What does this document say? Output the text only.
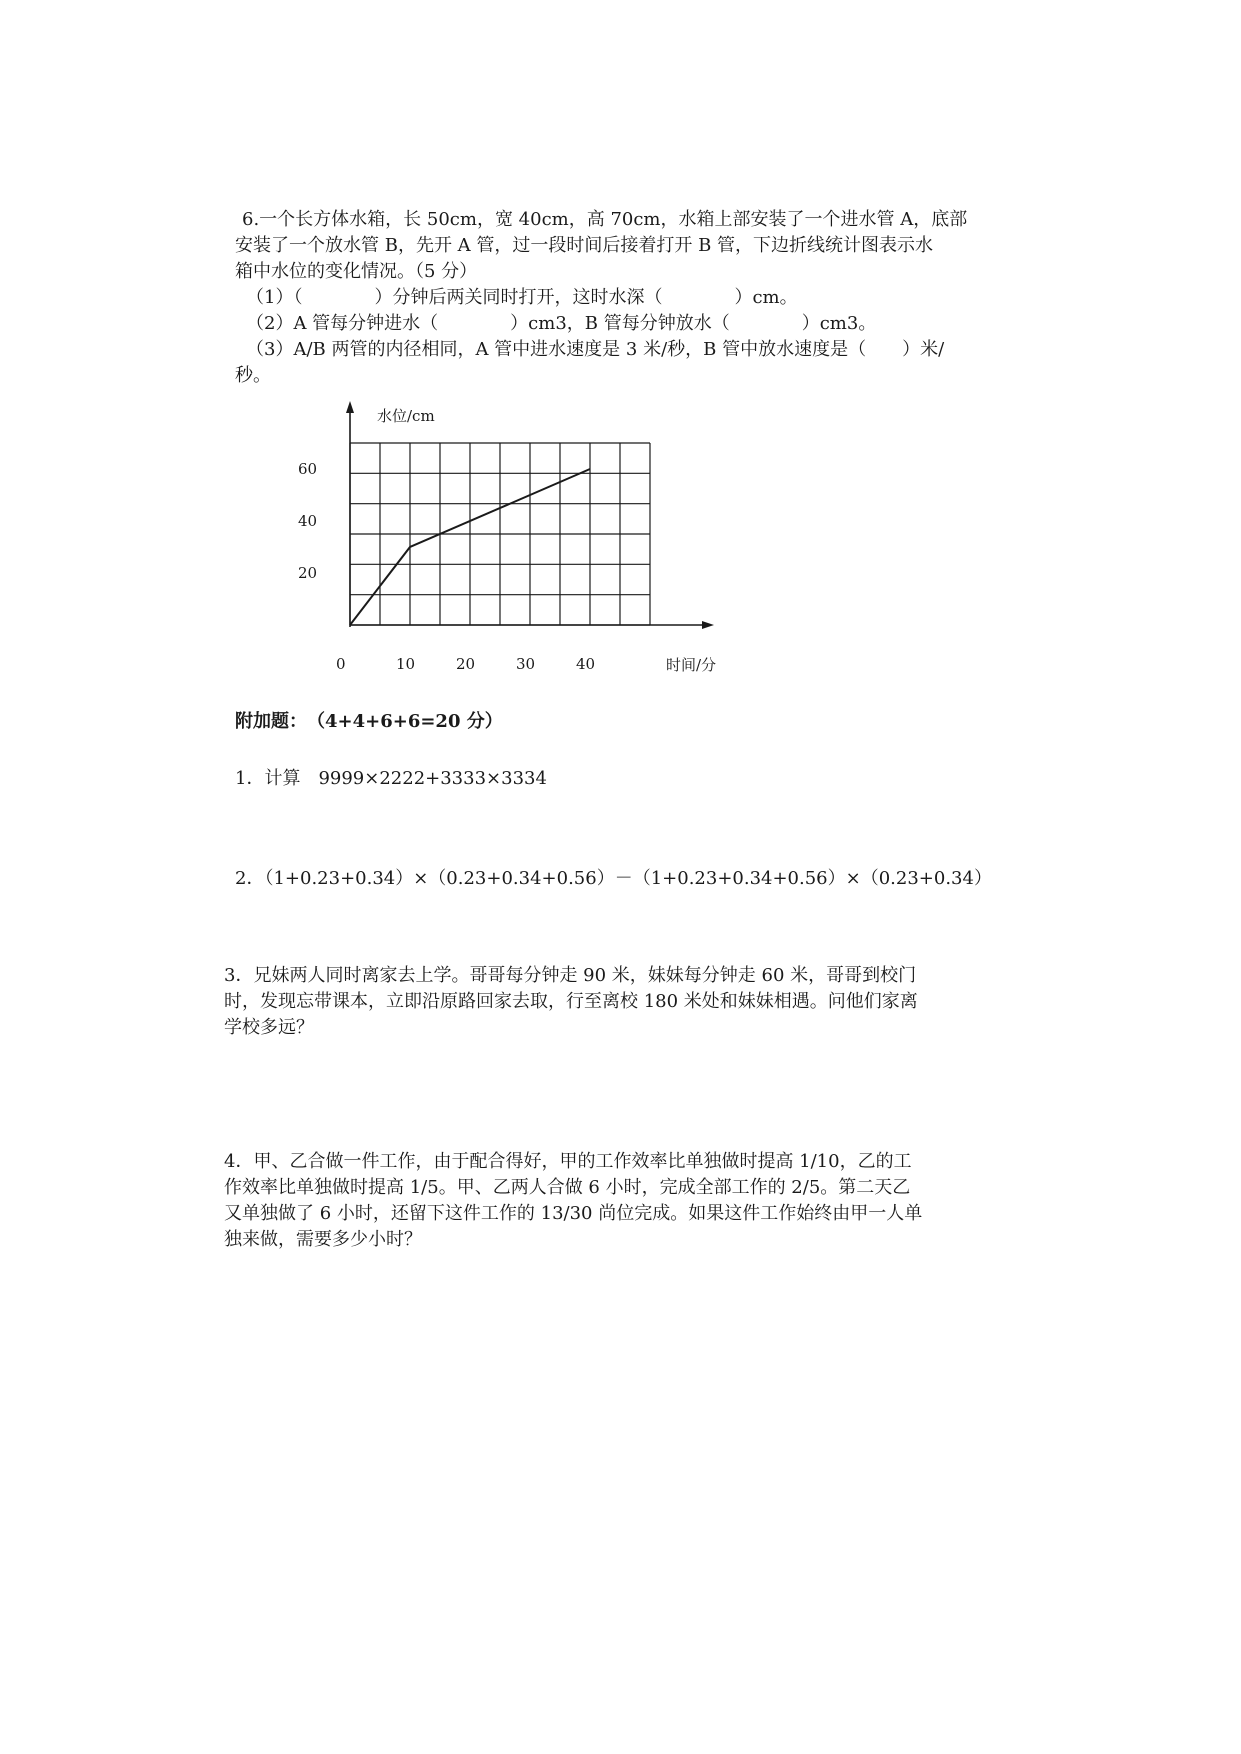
6.一个长方体水箱，长 50cm，宽 40cm，高 70cm，水箱上部安装了一个进水管 A，底部
安装了一个放水管 B，先开 A 管，过一段时间后接着打开 B 管，下边折线统计图表示水
箱中水位的变化情况。（5 分）
（1）（　　　　）分钟后两关同时打开，这时水深（　　　　）cm。
（2）A 管每分钟进水（　　　　）cm3，B 管每分钟放水（　　　　）cm3。
（3）A/B 两管的内径相同，A 管中进水速度是 3 米/秒，B 管中放水速度是（　　）米/
秒。
0	10	20	30	40
20
40
60
水位/cm
时间/分
附加题：　（4+4+6+6=20 分）
1．计算　9999×2222+3333×3334
2．（1+0.23+0.34）×（0.23+0.34+0.56）－（1+0.23+0.34+0.56）×（0.23+0.34）
3．兄妹两人同时离家去上学。哥哥每分钟走 90 米，妹妹每分钟走 60 米，哥哥到校门
时，发现忘带课本，立即沿原路回家去取，行至离校 180 米处和妹妹相遇。问他们家离
学校多远？
4．甲、乙合做一件工作，由于配合得好，甲的工作效率比单独做时提高 1/10，乙的工
作效率比单独做时提高 1/5。甲、乙两人合做 6 小时，完成全部工作的 2/5。第二天乙
又单独做了 6 小时，还留下这件工作的 13/30 尚位完成。如果这件工作始终由甲一人单
独来做，需要多少小时？
